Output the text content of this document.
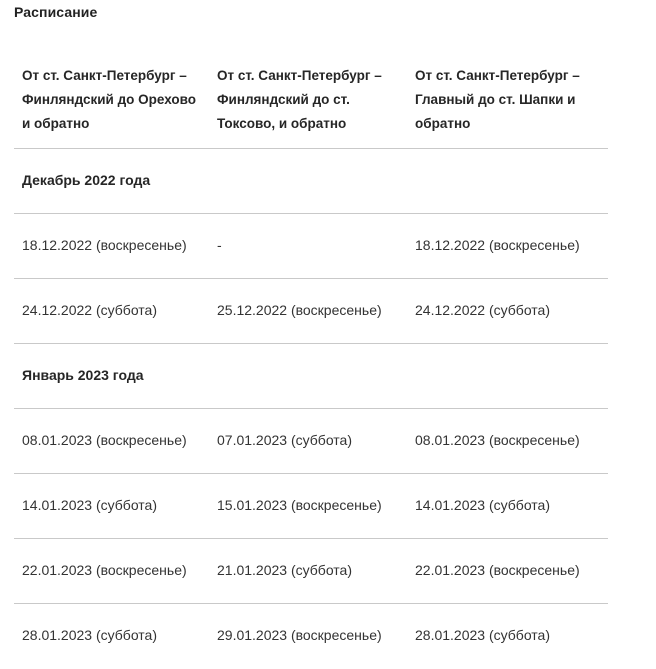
Расписание
От ст. Санкт-Петербург – Финляндский до Орехово и обратно	От ст. Санкт-Петербург – Финляндский до ст. Токсово, и обратно	От ст. Санкт-Петербург – Главный до ст. Шапки и обратно
Декабрь 2022 года		
18.12.2022 (воскресенье)	-	18.12.2022 (воскресенье)
24.12.2022 (суббота)	25.12.2022 (воскресенье)	24.12.2022 (суббота)
Январь 2023 года		
08.01.2023 (воскресенье)	07.01.2023 (суббота)	08.01.2023 (воскресенье)
14.01.2023 (суббота)	15.01.2023 (воскресенье)	14.01.2023 (суббота)
22.01.2023 (воскресенье)	21.01.2023 (суббота)	22.01.2023 (воскресенье)
28.01.2023 (суббота)	29.01.2023 (воскресенье)	28.01.2023 (суббота)
